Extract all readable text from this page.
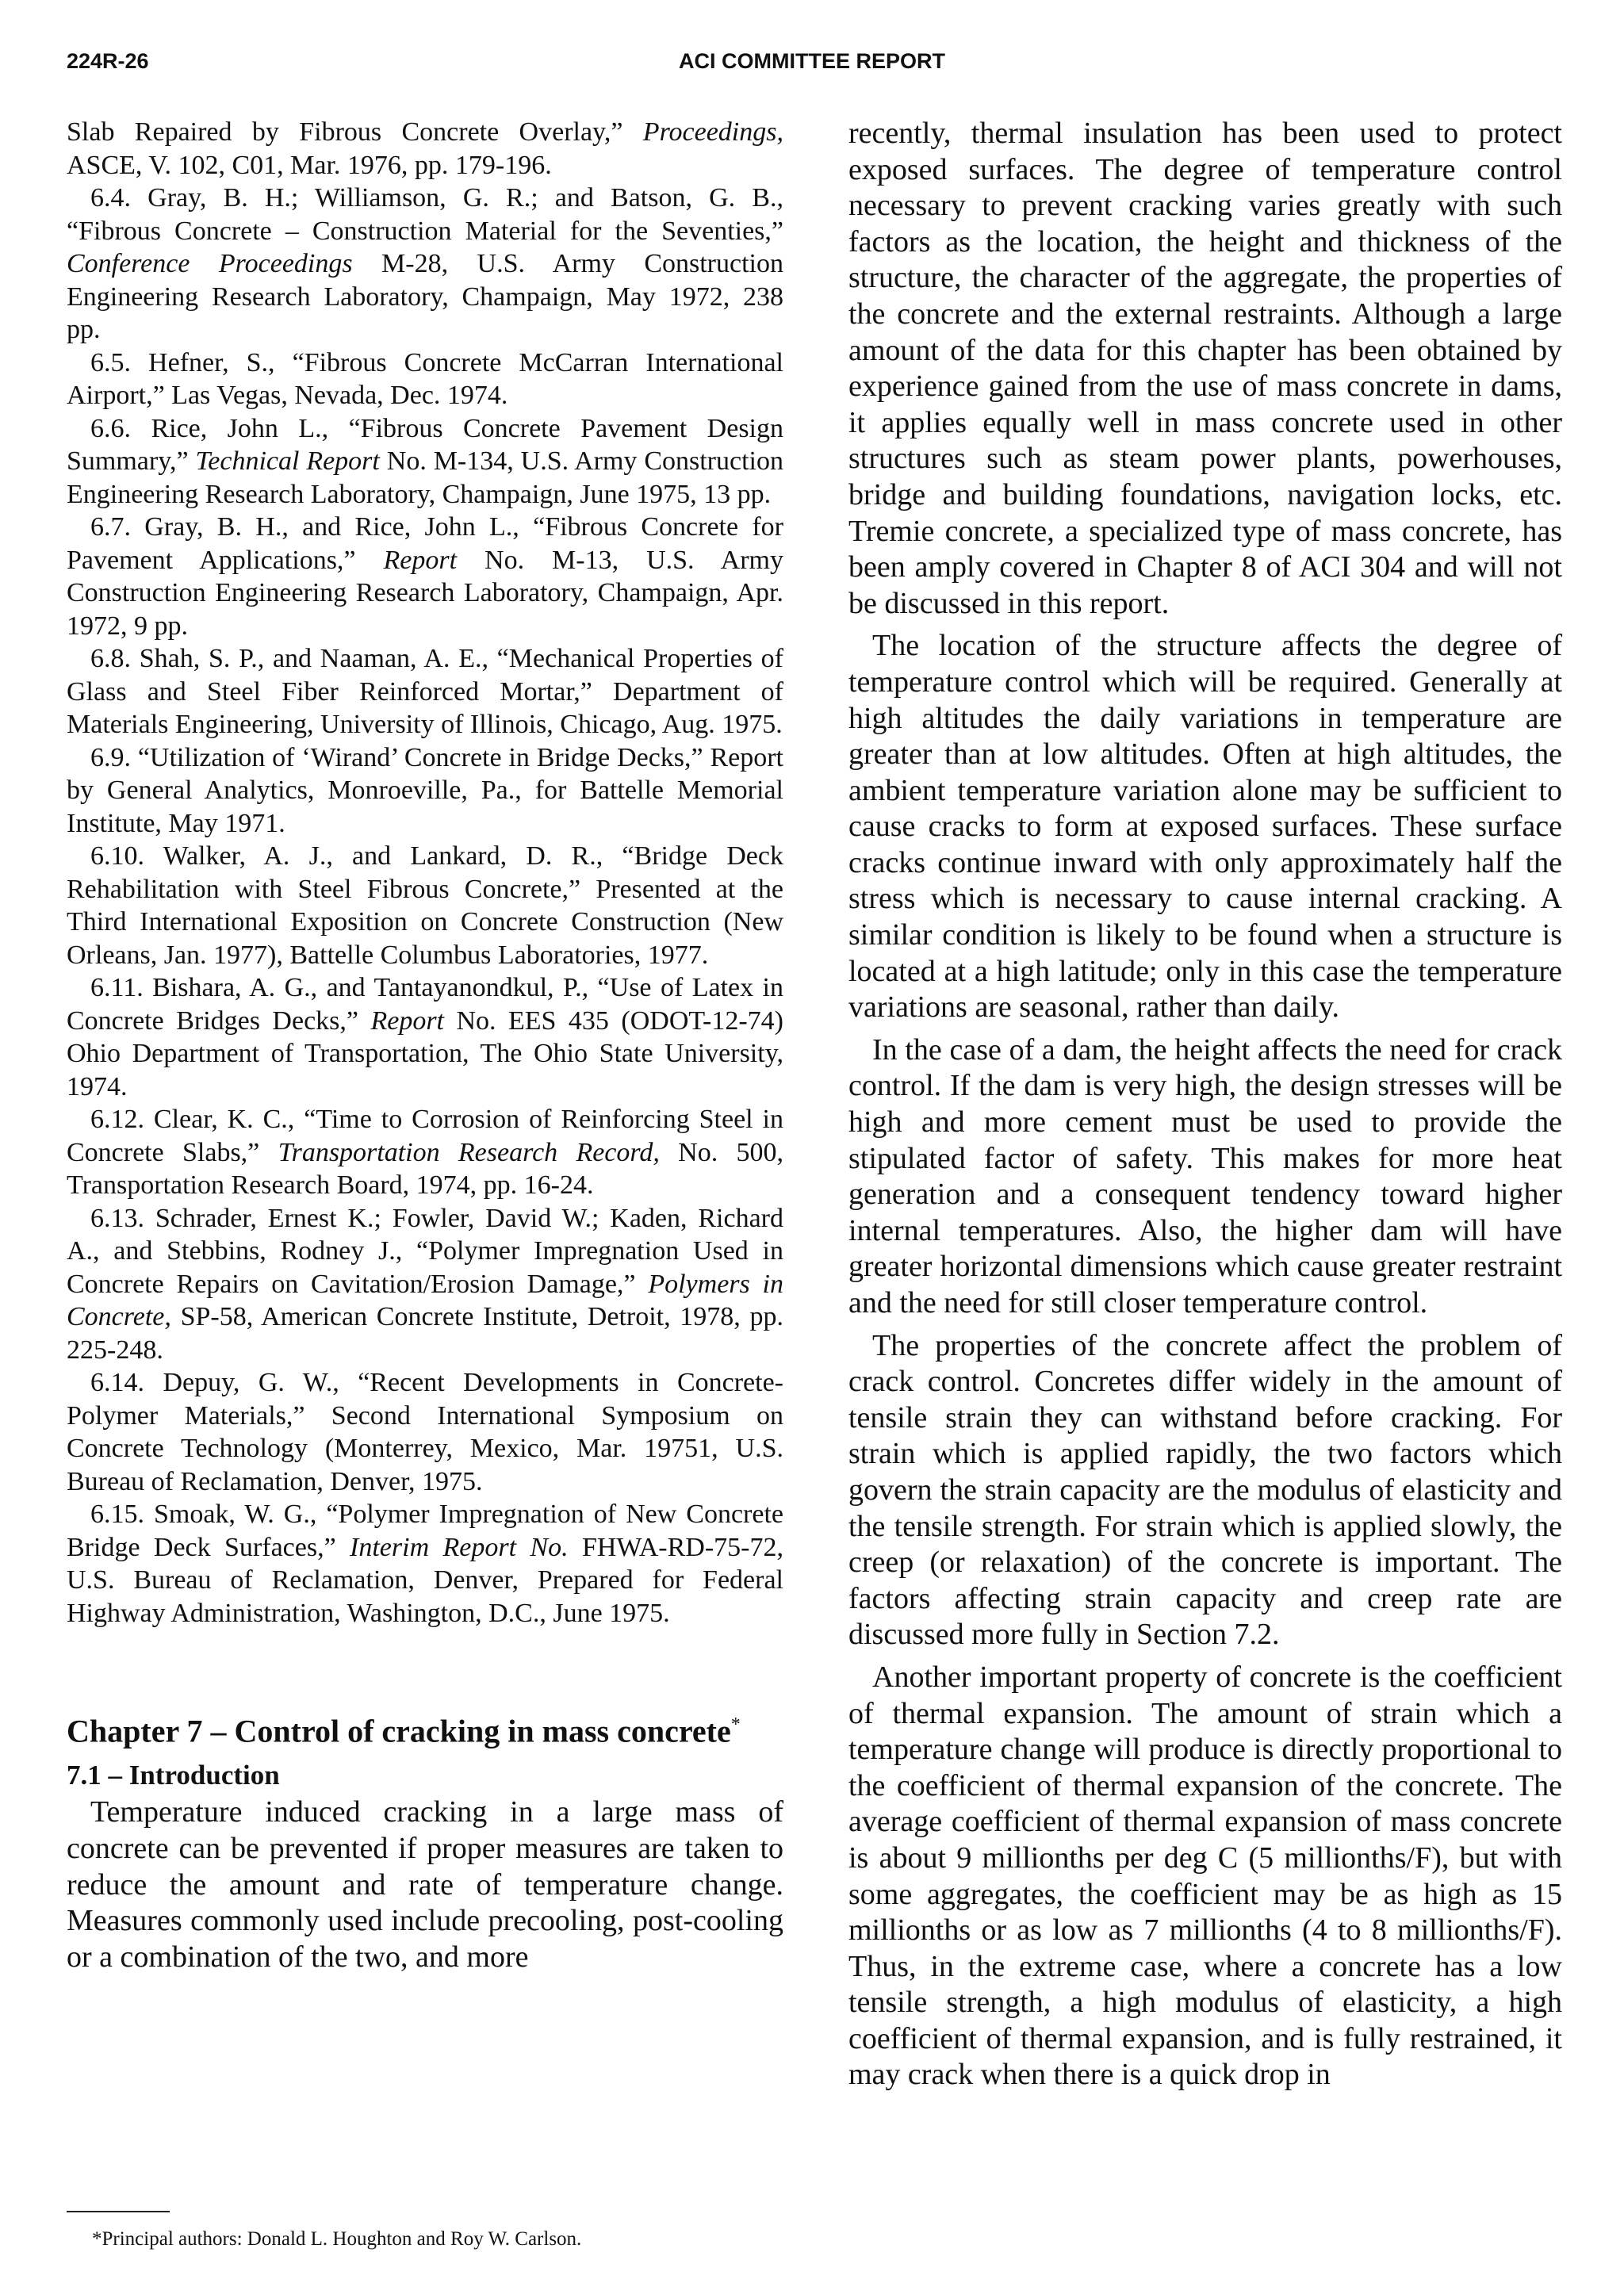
224R-26	ACI COMMITTEE REPORT

Slab Repaired by Fibrous Concrete Overlay,” Proceedings, ASCE, V. 102, C01, Mar. 1976, pp. 179-196.

6.4. Gray, B. H.; Williamson, G. R.; and Batson, G. B., “Fibrous Concrete – Construction Material for the Seventies,” Conference Proceedings M-28, U.S. Army Construction Engineering Research Laboratory, Champaign, May 1972, 238 pp.

6.5. Hefner, S., “Fibrous Concrete McCarran International Airport,” Las Vegas, Nevada, Dec. 1974.

6.6. Rice, John L., “Fibrous Concrete Pavement Design Summary,” Technical Report No. M-134, U.S. Army Construction Engineering Research Laboratory, Champaign, June 1975, 13 pp.

6.7. Gray, B. H., and Rice, John L., “Fibrous Concrete for Pavement Applications,” Report No. M-13, U.S. Army Construction Engineering Research Laboratory, Champaign, Apr. 1972, 9 pp.

6.8. Shah, S. P., and Naaman, A. E., “Mechanical Properties of Glass and Steel Fiber Reinforced Mortar,” Department of Materials Engineering, University of Illinois, Chicago, Aug. 1975.

6.9. “Utilization of ‘Wirand’ Concrete in Bridge Decks,” Report by General Analytics, Monroeville, Pa., for Battelle Memorial Institute, May 1971.

6.10. Walker, A. J., and Lankard, D. R., “Bridge Deck Rehabilitation with Steel Fibrous Concrete,” Presented at the Third International Exposition on Concrete Construction (New Orleans, Jan. 1977), Battelle Columbus Laboratories, 1977.

6.11. Bishara, A. G., and Tantayanondkul, P., “Use of Latex in Concrete Bridges Decks,” Report No. EES 435 (ODOT-12-74) Ohio Department of Transportation, The Ohio State University, 1974.

6.12. Clear, K. C., “Time to Corrosion of Reinforcing Steel in Concrete Slabs,” Transportation Research Record, No. 500, Transportation Research Board, 1974, pp. 16-24.

6.13. Schrader, Ernest K.; Fowler, David W.; Kaden, Richard A., and Stebbins, Rodney J., “Polymer Impregnation Used in Concrete Repairs on Cavitation/Erosion Damage,” Polymers in Concrete, SP-58, American Concrete Institute, Detroit, 1978, pp. 225-248.

6.14. Depuy, G. W., “Recent Developments in Concrete-Polymer Materials,” Second International Symposium on Concrete Technology (Monterrey, Mexico, Mar. 19751, U.S. Bureau of Reclamation, Denver, 1975.

6.15. Smoak, W. G., “Polymer Impregnation of New Concrete Bridge Deck Surfaces,” Interim Report No. FHWA-RD-75-72, U.S. Bureau of Reclamation, Denver, Prepared for Federal Highway Administration, Washington, D.C., June 1975.

Chapter 7 – Control of cracking in mass concrete*
7.1 – Introduction

Temperature induced cracking in a large mass of concrete can be prevented if proper measures are taken to reduce the amount and rate of temperature change. Measures commonly used include precooling, post-cooling or a combination of the two, and more

recently, thermal insulation has been used to protect exposed surfaces. The degree of temperature control necessary to prevent cracking varies greatly with such factors as the location, the height and thickness of the structure, the character of the aggregate, the properties of the concrete and the external restraints. Although a large amount of the data for this chapter has been obtained by experience gained from the use of mass concrete in dams, it applies equally well in mass concrete used in other structures such as steam power plants, powerhouses, bridge and building foundations, navigation locks, etc. Tremie concrete, a specialized type of mass concrete, has been amply covered in Chapter 8 of ACI 304 and will not be discussed in this report.

The location of the structure affects the degree of temperature control which will be required. Generally at high altitudes the daily variations in temperature are greater than at low altitudes. Often at high altitudes, the ambient temperature variation alone may be sufficient to cause cracks to form at exposed surfaces. These surface cracks continue inward with only approximately half the stress which is necessary to cause internal cracking. A similar condition is likely to be found when a structure is located at a high latitude; only in this case the temperature variations are seasonal, rather than daily.

In the case of a dam, the height affects the need for crack control. If the dam is very high, the design stresses will be high and more cement must be used to provide the stipulated factor of safety. This makes for more heat generation and a consequent tendency toward higher internal temperatures. Also, the higher dam will have greater horizontal dimensions which cause greater restraint and the need for still closer temperature control.

The properties of the concrete affect the problem of crack control. Concretes differ widely in the amount of tensile strain they can withstand before cracking. For strain which is applied rapidly, the two factors which govern the strain capacity are the modulus of elasticity and the tensile strength. For strain which is applied slowly, the creep (or relaxation) of the concrete is important. The factors affecting strain capacity and creep rate are discussed more fully in Section 7.2.

Another important property of concrete is the coefficient of thermal expansion. The amount of strain which a temperature change will produce is directly proportional to the coefficient of thermal expansion of the concrete. The average coefficient of thermal expansion of mass concrete is about 9 millionths per deg C (5 millionths/F), but with some aggregates, the coefficient may be as high as 15 millionths or as low as 7 millionths (4 to 8 millionths/F). Thus, in the extreme case, where a concrete has a low tensile strength, a high modulus of elasticity, a high coefficient of thermal expansion, and is fully restrained, it may crack when there is a quick drop in

*Principal authors: Donald L. Houghton and Roy W. Carlson.
